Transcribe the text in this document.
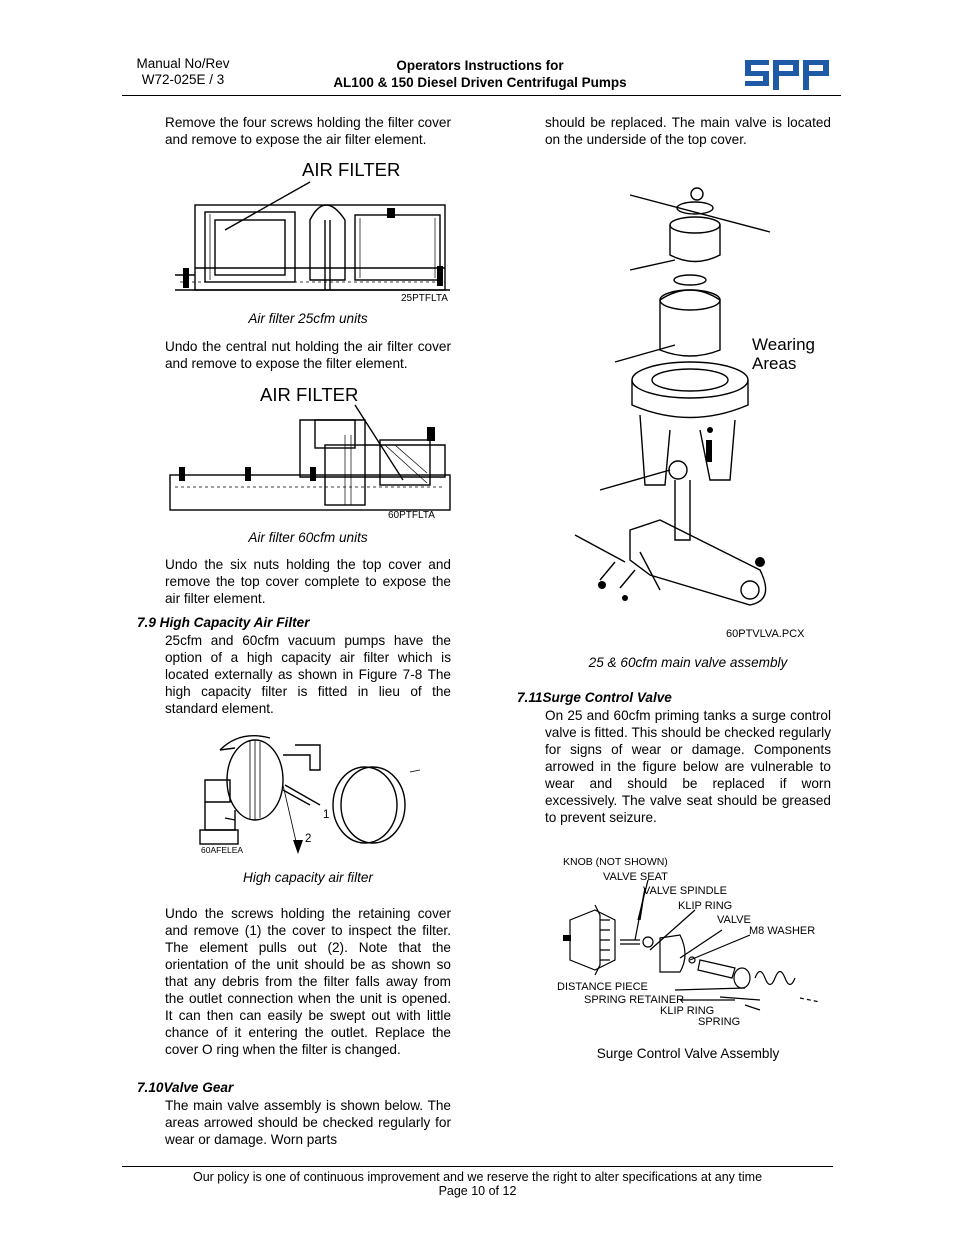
Manual No/Rev
W72-025E / 3
Operators Instructions for
AL100 & 150 Diesel Driven Centrifugal Pumps
Remove the four screws holding the filter cover and remove to expose the air filter element.
AIR FILTER
25PTFLTA
Air filter 25cfm units
Undo the central nut holding the air filter cover and remove to expose the filter element.
AIR FILTER
60PTFLTA
Air filter 60cfm units
Undo the six nuts holding the top cover and remove the top cover complete to expose the air filter element.
7.9 High Capacity Air Filter
25cfm and 60cfm vacuum pumps have the option of a high capacity air filter which is located externally as shown in Figure 7-8 The high capacity filter is fitted in lieu of the standard element.
1
2
60AFELEA
High capacity air filter
Undo the screws holding the retaining cover and remove (1) the cover to inspect the filter. The element pulls out (2). Note that the orientation of the unit should be as shown so that any debris from the filter falls away from the outlet connection when the unit is opened. It can then can easily be swept out with little chance of it entering the outlet. Replace the cover O ring when the filter is changed.
7.10Valve Gear
The main valve assembly is shown below. The areas arrowed should be checked regularly for wear or damage. Worn parts
should be replaced. The main valve is located on the underside of the top cover.
Wearing
Areas
60PTVLVA.PCX
25 & 60cfm main valve assembly
7.11Surge Control Valve
On 25 and 60cfm priming tanks a surge control valve is fitted. This should be checked regularly for signs of wear or damage. Components arrowed in the figure below are vulnerable to wear and should be replaced if worn excessively. The valve seat should be greased to prevent seizure.
KNOB (NOT SHOWN)
VALVE SEAT
VALVE SPINDLE
KLIP RING
VALVE
M8 WASHER
DISTANCE PIECE
SPRING RETAINER
KLIP RING
SPRING
Surge Control Valve Assembly
Our policy is one of continuous improvement and we reserve the right to alter specifications at any time
Page 10 of 12
